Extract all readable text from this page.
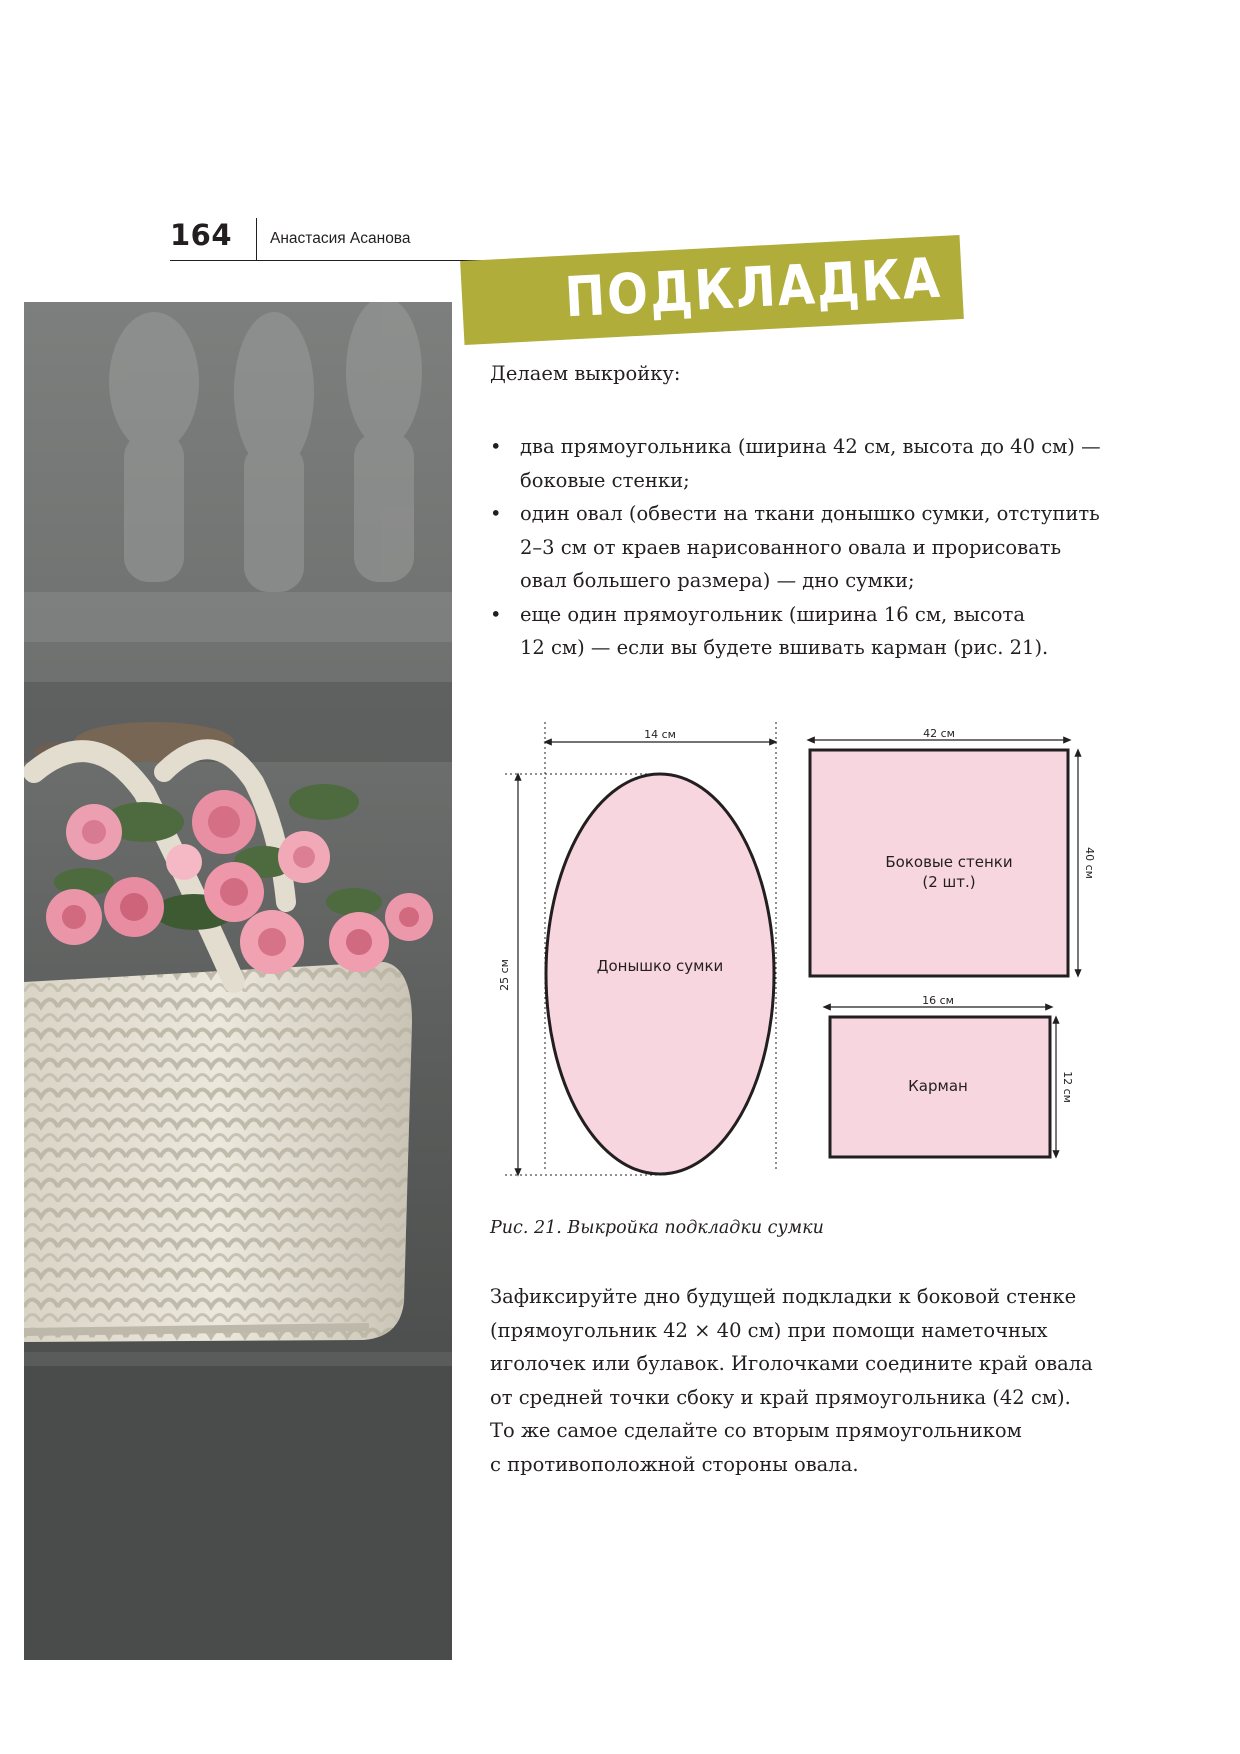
164 Анастасия Асанова
ПОДКЛАДКА
Делаем выкройку:
• два прямоугольника (ширина 42 см, высота до 40 см) —
боковые стенки;
• один овал (обвести на ткани донышко сумки, отступить
2–3 см от краев нарисованного овала и прорисовать
овал большего размера) — дно сумки;
• еще один прямоугольник (ширина 16 см, высота
12 см) — если вы будете вшивать карман (рис. 21).
14 см
25 см	Донышко сумки
42 см
Боковые стенки
(2 шт.)
40 см
16 см
Карман	12 см
Рис. 21. Выкройка подкладки сумки
Зафиксируйте дно будущей подкладки к боковой стенке
(прямоугольник 42 × 40 см) при помощи наметочных
иголочек или булавок. Иголочками соедините край овала
от средней точки сбоку и край прямоугольника (42 см).
То же самое сделайте со вторым прямоугольником
с противоположной стороны овала.
